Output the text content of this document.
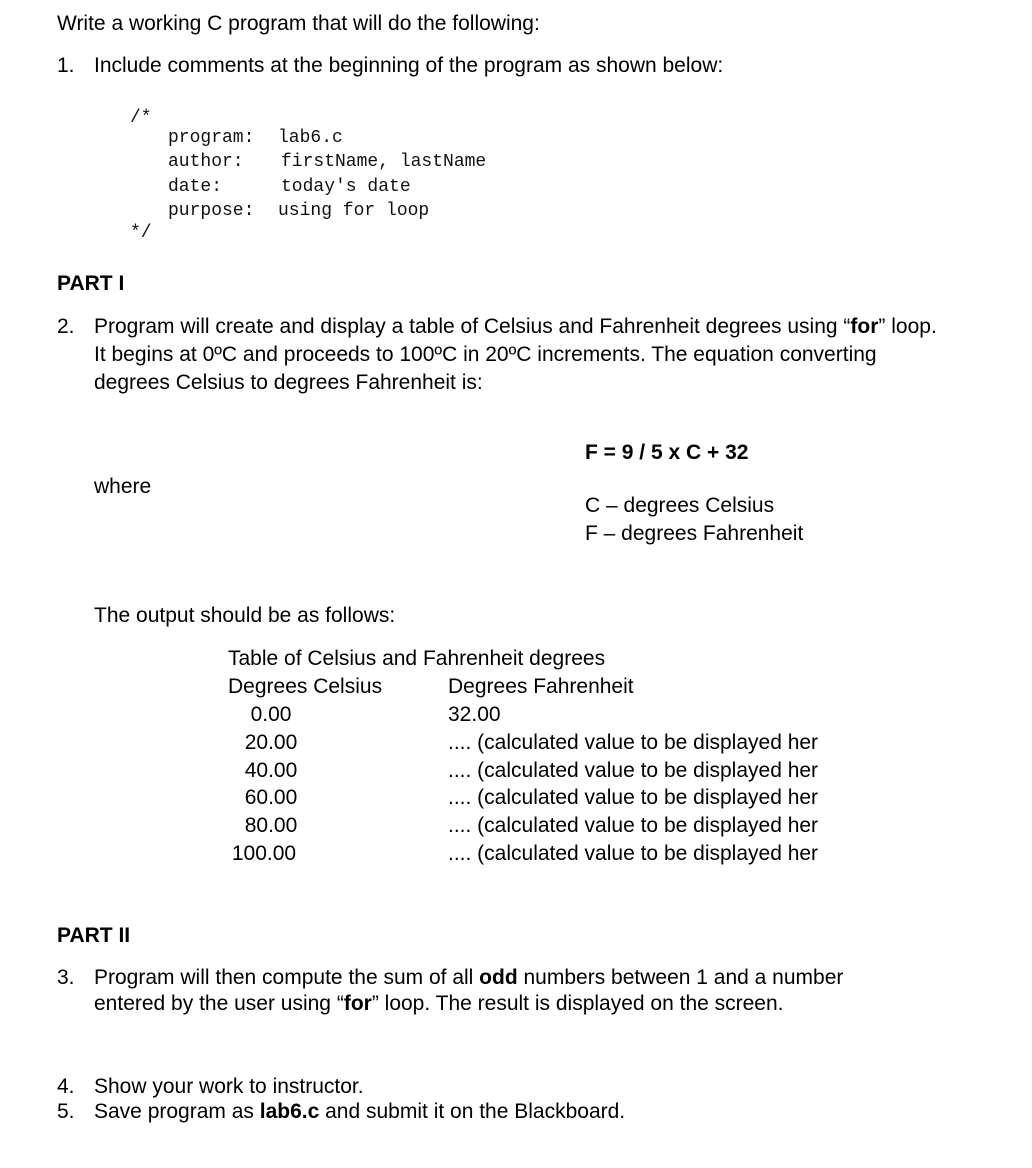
Write a working C program that will do the following:
1. Include comments at the beginning of the program as shown below:
/*
program: lab6.c
author: firstName, lastName
date:	today's date
purpose: using for loop
*/
PART I
2. Program will create and display a table of Celsius and Fahrenheit degrees using “for” loop.
It begins at 0ºC and proceeds to 100ºC in 20ºC increments. The equation converting
degrees Celsius to degrees Fahrenheit is:
F = 9 / 5 x C + 32
where
C – degrees Celsius
F – degrees Fahrenheit
The output should be as follows:
Table of Celsius and Fahrenheit degrees
Degrees Celsius	Degrees Fahrenheit
0.00	32.00
20.00	.... (calculated value to be displayed her
40.00	.... (calculated value to be displayed her
60.00	.... (calculated value to be displayed her
80.00	.... (calculated value to be displayed her
100.00	.... (calculated value to be displayed her
PART II
3. Program will then compute the sum of all odd numbers between 1 and a number
entered by the user using “for” loop. The result is displayed on the screen.
4. Show your work to instructor.
5. Save program as lab6.c and submit it on the Blackboard.
